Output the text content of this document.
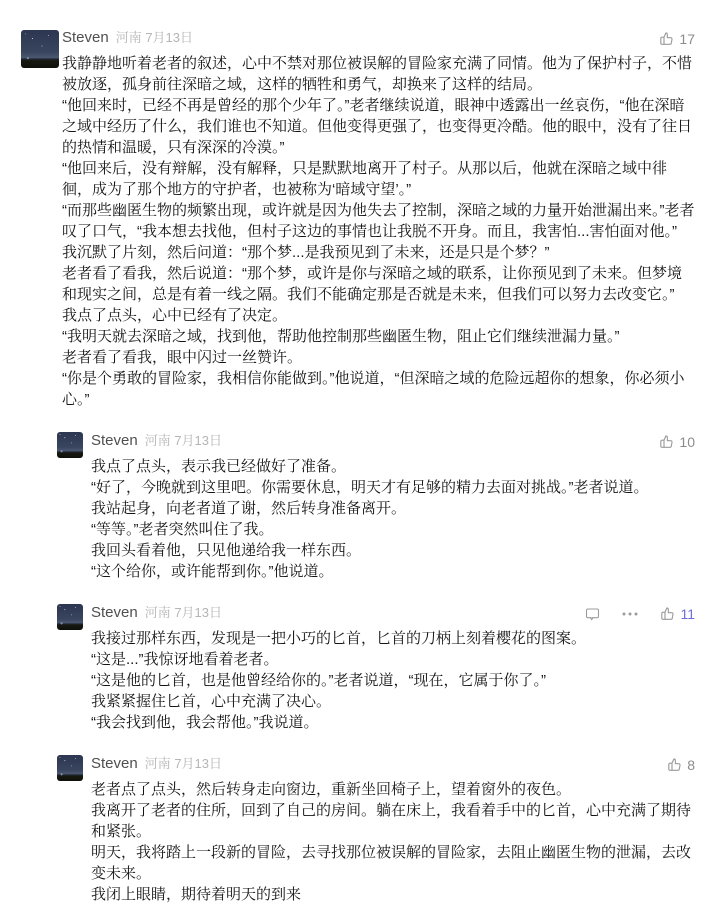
Steven 河南 7月13日	17

我静静地听着老者的叙述，心中不禁对那位被误解的冒险家充满了同情。他为了保护村子，不惜被放逐，孤身前往深暗之域，这样的牺牲和勇气，却换来了这样的结局。

“他回来时，已经不再是曾经的那个少年了。”老者继续说道，眼神中透露出一丝哀伤，“他在深暗之域中经历了什么，我们谁也不知道。但他变得更强了，也变得更冷酷。他的眼中，没有了往日的热情和温暖，只有深深的冷漠。”

“他回来后，没有辩解，没有解释，只是默默地离开了村子。从那以后，他就在深暗之域中徘徊，成为了那个地方的守护者，也被称为‘暗域守望’。”

“而那些幽匿生物的频繁出现，或许就是因为他失去了控制，深暗之域的力量开始泄漏出来。”老者叹了口气，“我本想去找他，但村子这边的事情也让我脱不开身。而且，我害怕...害怕面对他。”

我沉默了片刻，然后问道：“那个梦...是我预见到了未来，还是只是个梦？”

老者看了看我，然后说道：“那个梦，或许是你与深暗之域的联系，让你预见到了未来。但梦境和现实之间，总是有着一线之隔。我们不能确定那是否就是未来，但我们可以努力去改变它。”

我点了点头，心中已经有了决定。

“我明天就去深暗之域，找到他，帮助他控制那些幽匿生物，阻止它们继续泄漏力量。”

老者看了看我，眼中闪过一丝赞许。

“你是个勇敢的冒险家，我相信你能做到。”他说道，“但深暗之域的危险远超你的想象，你必须小心。”

Steven 河南 7月13日	10

我点了点头，表示我已经做好了准备。

“好了，今晚就到这里吧。你需要休息，明天才有足够的精力去面对挑战。”老者说道。

我站起身，向老者道了谢，然后转身准备离开。

“等等。”老者突然叫住了我。

我回头看着他，只见他递给我一样东西。

“这个给你，或许能帮到你。”他说道。

Steven 河南 7月13日	11

我接过那样东西，发现是一把小巧的匕首，匕首的刀柄上刻着樱花的图案。

“这是...”我惊讶地看着老者。

“这是他的匕首，也是他曾经给你的。”老者说道，“现在，它属于你了。”

我紧紧握住匕首，心中充满了决心。

“我会找到他，我会帮他。”我说道。

Steven 河南 7月13日	8

老者点了点头，然后转身走向窗边，重新坐回椅子上，望着窗外的夜色。

我离开了老者的住所，回到了自己的房间。躺在床上，我看着手中的匕首，心中充满了期待和紧张。

明天，我将踏上一段新的冒险，去寻找那位被误解的冒险家，去阻止幽匿生物的泄漏，去改变未来。

我闭上眼睛，期待着明天的到来
